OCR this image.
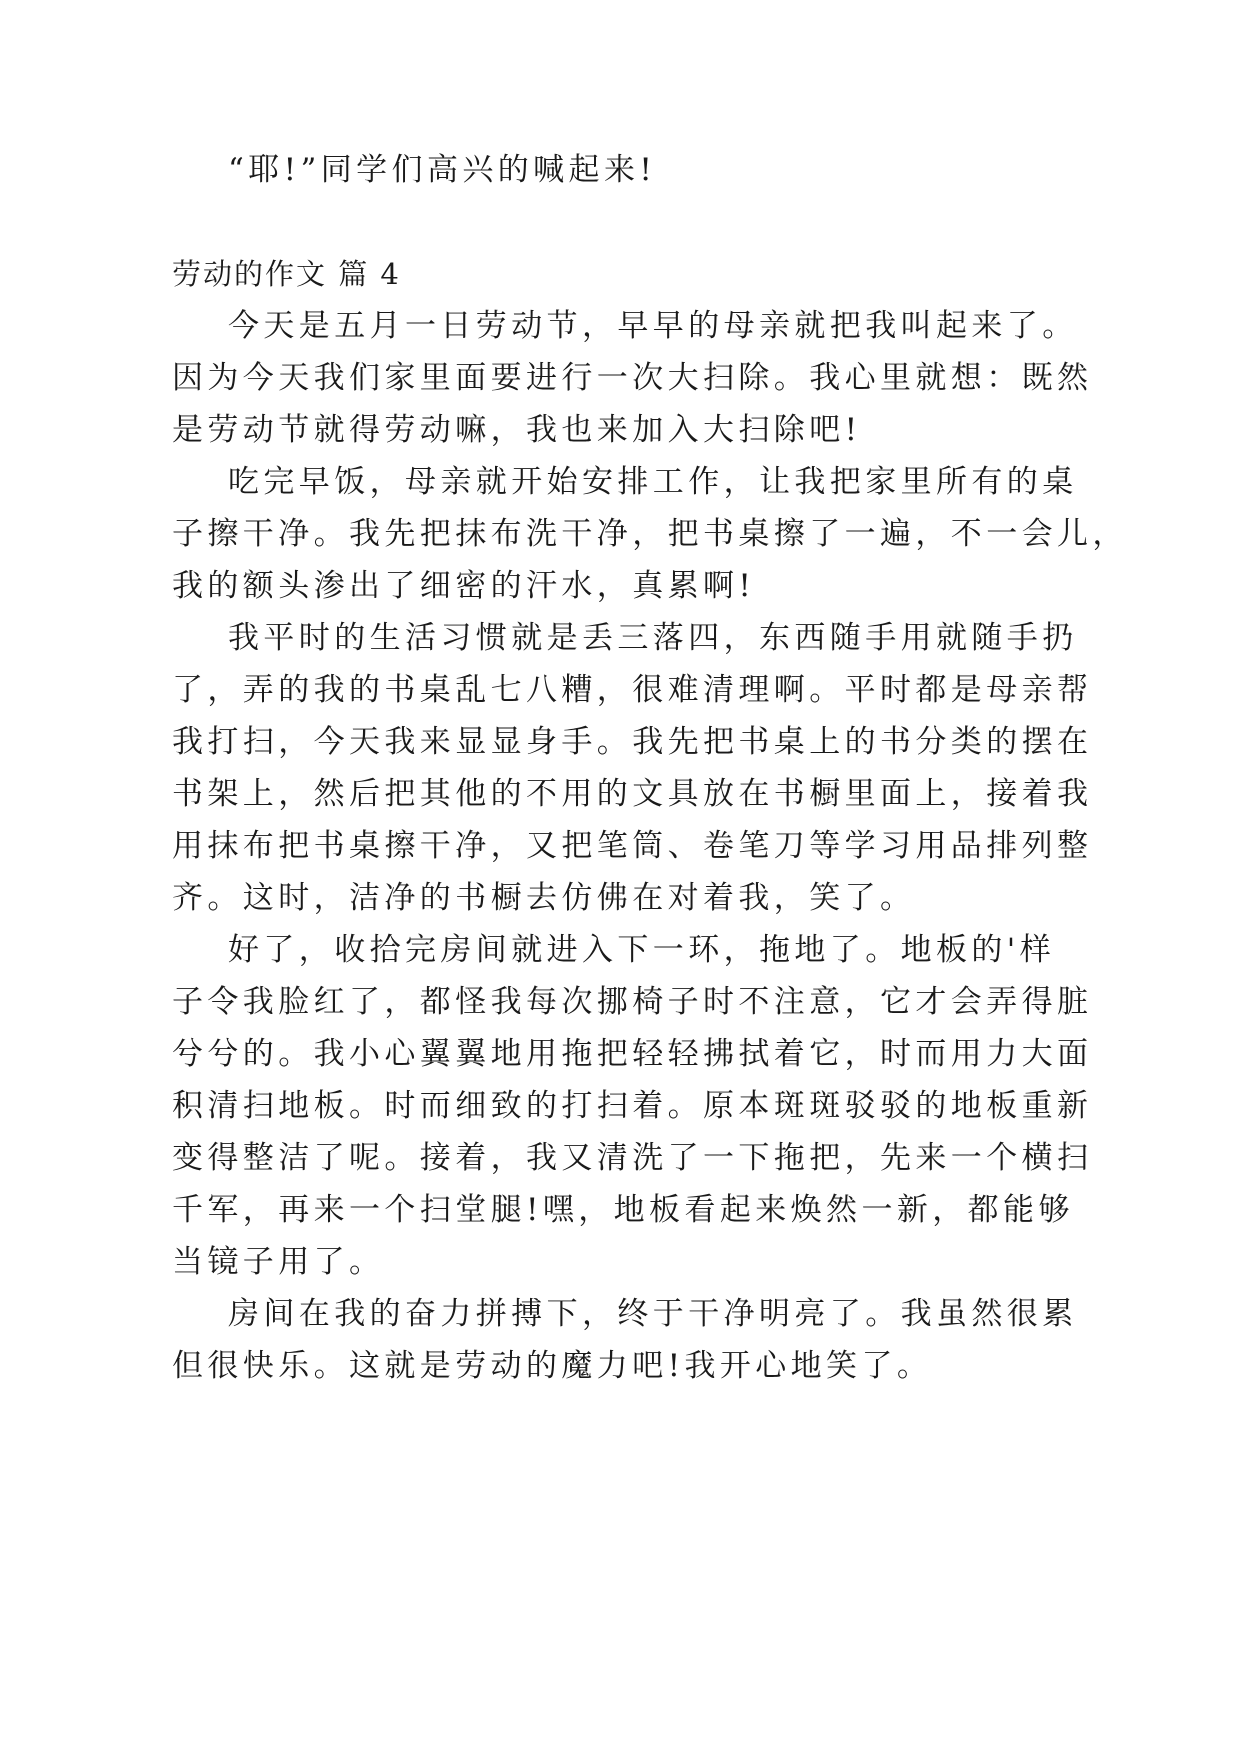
“耶!”同学们高兴的喊起来!
劳动的作文 篇 4
今天是五月一日劳动节，早早的母亲就把我叫起来了。
因为今天我们家里面要进行一次大扫除。我心里就想：既然
是劳动节就得劳动嘛，我也来加入大扫除吧!
吃完早饭，母亲就开始安排工作，让我把家里所有的桌
子擦干净。我先把抹布洗干净，把书桌擦了一遍，不一会儿，
我的额头渗出了细密的汗水，真累啊!
我平时的生活习惯就是丢三落四，东西随手用就随手扔
了，弄的我的书桌乱七八糟，很难清理啊。平时都是母亲帮
我打扫，今天我来显显身手。我先把书桌上的书分类的摆在
书架上，然后把其他的不用的文具放在书橱里面上，接着我
用抹布把书桌擦干净，又把笔筒、卷笔刀等学习用品排列整
齐。这时，洁净的书橱去仿佛在对着我，笑了。
好了，收拾完房间就进入下一环，拖地了。地板的'样
子令我脸红了，都怪我每次挪椅子时不注意，它才会弄得脏
兮兮的。我小心翼翼地用拖把轻轻拂拭着它，时而用力大面
积清扫地板。时而细致的打扫着。原本斑斑驳驳的地板重新
变得整洁了呢。接着，我又清洗了一下拖把，先来一个横扫
千军，再来一个扫堂腿!嘿，地板看起来焕然一新，都能够
当镜子用了。
房间在我的奋力拼搏下，终于干净明亮了。我虽然很累
但很快乐。这就是劳动的魔力吧!我开心地笑了。
